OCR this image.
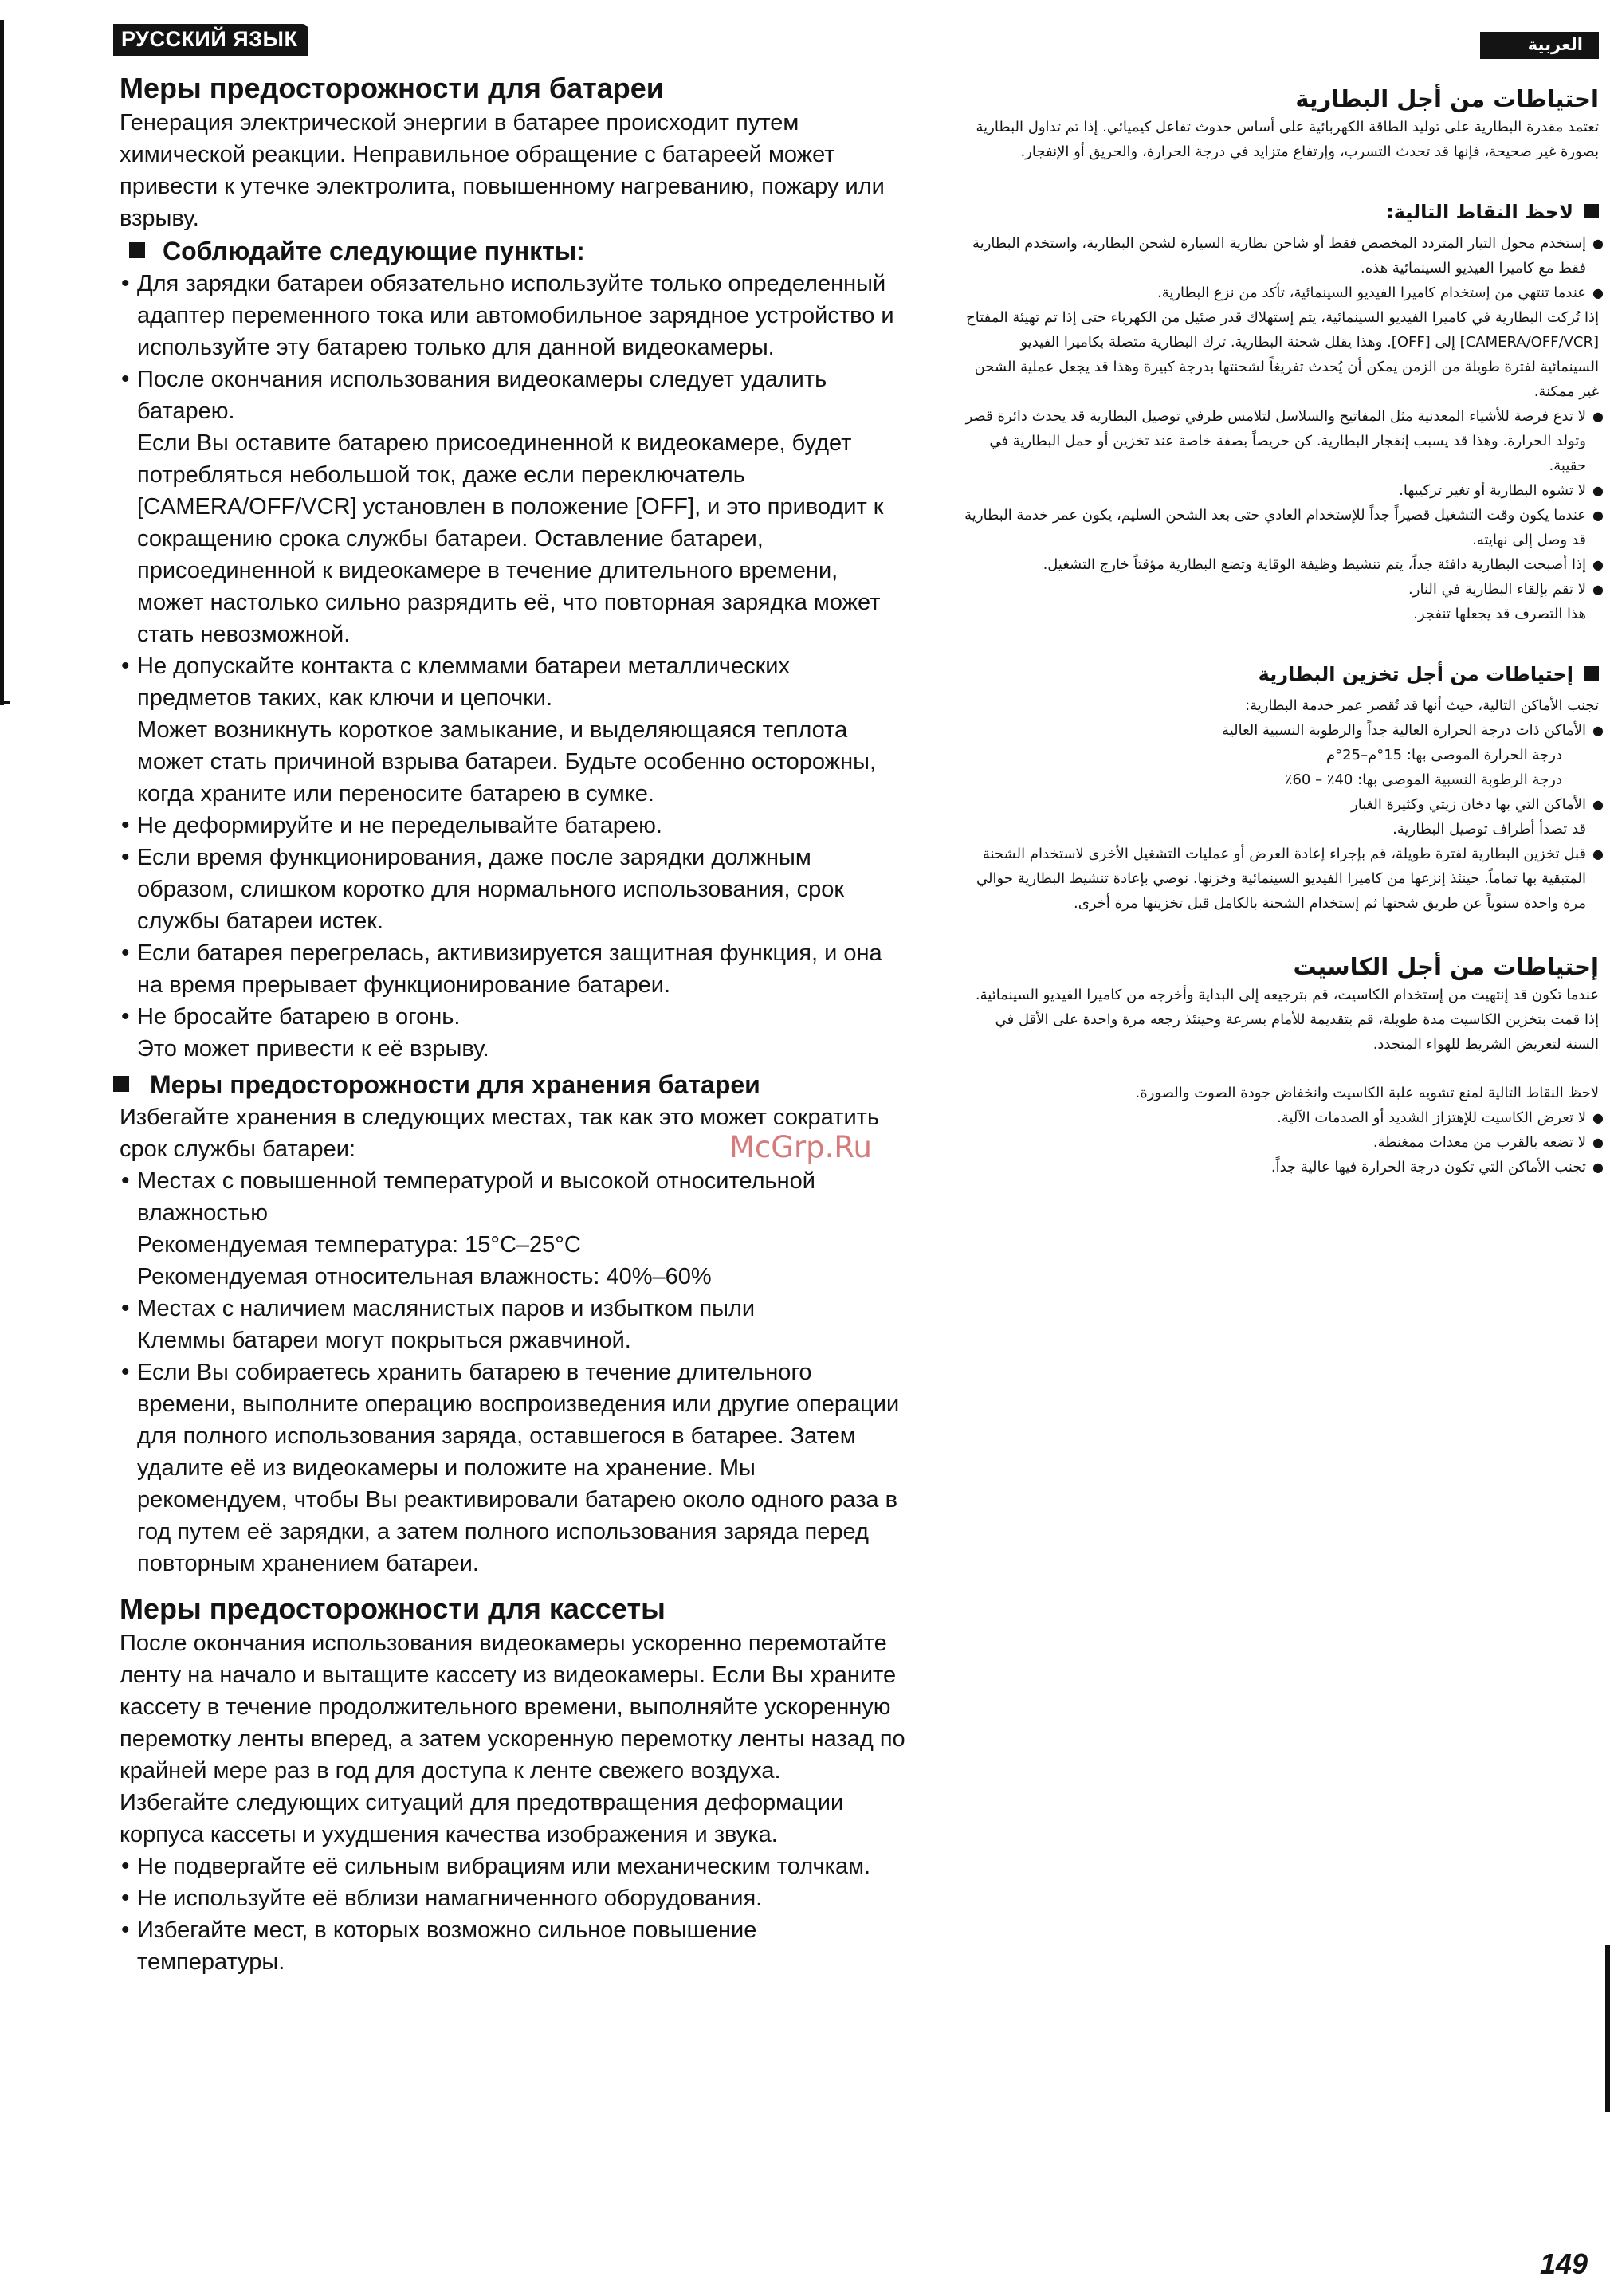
РУССКИЙ ЯЗЫК
Меры предосторожности для батареи

Генерация электрической энергии в батарее происходит путем химической реакции. Неправильное обращение с батареей может привести к утечке электролита, повышенному нагреванию, пожару или взрыву.

Соблюдайте следующие пункты:

• Для зарядки батареи обязательно используйте только определенный адаптер переменного тока или автомобильное зарядное устройство и используйте эту батарею только для данной видеокамеры.

• После окончания использования видеокамеры следует удалить батарею.

Если Вы оставите батарею присоединенной к видеокамере, будет потребляться небольшой ток, даже если переключатель [CAMERA/OFF/VCR] установлен в положение [OFF], и это приводит к сокращению срока службы батареи. Оставление батареи, присоединенной к видеокамере в течение длительного времени, может настолько сильно разрядить её, что повторная зарядка может стать невозможной.

• Не допускайте контакта с клеммами батареи металлических предметов таких, как ключи и цепочки.

Может возникнуть короткое замыкание, и выделяющаяся теплота может стать причиной взрыва батареи. Будьте особенно осторожны, когда храните или переносите батарею в сумке.

• Не деформируйте и не переделывайте батарею.

• Если время функционирования, даже после зарядки должным образом, слишком коротко для нормального использования, срок службы батареи истек.

• Если батарея перегрелась, активизируется защитная функция, и она на время прерывает функционирование батареи.

• Не бросайте батарею в огонь.

Это может привести к её взрыву.

Меры предосторожности для хранения батареи

Избегайте хранения в следующих местах, так как это может сократить срок службы батареи:

• Местах с повышенной температурой и высокой относительной влажностью

Рекомендуемая температура: 15°C–25°C

Рекомендуемая относительная влажность: 40%–60%

• Местах с наличием маслянистых паров и избытком пыли

Клеммы батареи могут покрыться ржавчиной.

• Если Вы собираетесь хранить батарею в течение длительного времени, выполните операцию воспроизведения или другие операции для полного использования заряда, оставшегося в батарее. Затем удалите её из видеокамеры и положите на хранение. Мы рекомендуем, чтобы Вы реактивировали батарею около одного раза в год путем её зарядки, а затем полного использования заряда перед повторным хранением батареи.

Меры предосторожности для кассеты

После окончания использования видеокамеры ускоренно перемотайте ленту на начало и вытащите кассету из видеокамеры. Если Вы храните кассету в течение продолжительного времени, выполняйте ускоренную перемотку ленты вперед, а затем ускоренную перемотку ленты назад по крайней мере раз в год для доступа к ленте свежего воздуха.

Избегайте следующих ситуаций для предотвращения деформации корпуса кассеты и ухудшения качества изображения и звука.

• Не подвергайте её сильным вибрациям или механическим толчкам.

• Не используйте её вблизи намагниченного оборудования.

• Избегайте мест, в которых возможно сильное повышение температуры.

العربية
احتياطات من أجل البطارية

تعتمد مقدرة البطارية على توليد الطاقة الكهربائية على أساس حدوث تفاعل كيميائي. إذا تم تداول البطارية بصورة غير صحيحة، فإنها قد تحدث التسرب، وإرتفاع متزايد في درجة الحرارة، والحريق أو الإنفجار.

لاحظ النقاط التالية:

● إستخدم محول التيار المتردد المخصص فقط أو شاحن بطارية السيارة لشحن البطارية، واستخدم البطارية فقط مع كاميرا الفيديو السينمائية هذه.

● عندما تنتهي من إستخدام كاميرا الفيديو السينمائية، تأكد من نزع البطارية.

إذا تُركت البطارية في كاميرا الفيديو السينمائية، يتم إستهلاك قدر ضئيل من الكهرباء حتى إذا تم تهيئة المفتاح [CAMERA/OFF/VCR] إلى [OFF]. وهذا يقلل شحنة البطارية. ترك البطارية متصلة بكاميرا الفيديو السينمائية لفترة طويلة من الزمن يمكن أن يُحدث تفريغاً لشحنتها بدرجة كبيرة وهذا قد يجعل عملية الشحن غير ممكنة.

● لا تدع فرصة للأشياء المعدنية مثل المفاتيح والسلاسل لتلامس طرفي توصيل البطارية قد يحدث دائرة قصر وتولد الحرارة. وهذا قد يسبب إنفجار البطارية. كن حريصاً بصفة خاصة عند تخزين أو حمل البطارية في حقيبة.

● لا تشوه البطارية أو تغير تركيبها.

● عندما يكون وقت التشغيل قصيراً جداً للإستخدام العادي حتى بعد الشحن السليم، يكون عمر خدمة البطارية قد وصل إلى نهايته.

● إذا أصبحت البطارية دافئة جداً، يتم تنشيط وظيفة الوقاية وتضع البطارية مؤقتاً خارج التشغيل.

● لا تقم بإلقاء البطارية في النار.

هذا التصرف قد يجعلها تنفجر.

إحتياطات من أجل تخزين البطارية

تجنب الأماكن التالية، حيث أنها قد تُقصر عمر خدمة البطارية:

● الأماكن ذات درجة الحرارة العالية جداً والرطوبة النسبية العالية

درجة الحرارة الموصى بها: 15°م–25°م

درجة الرطوبة النسبية الموصى بها: 40٪ – 60٪

● الأماكن التي بها دخان زيتي وكثيرة الغبار

قد تصدأ أطراف توصيل البطارية.

● قبل تخزين البطارية لفترة طويلة، قم بإجراء إعادة العرض أو عمليات التشغيل الأخرى لاستخدام الشحنة المتبقية بها تماماً. حينئذ إنزعها من كاميرا الفيديو السينمائية وخزنها. نوصي بإعادة تنشيط البطارية حوالي مرة واحدة سنوياً عن طريق شحنها ثم إستخدام الشحنة بالكامل قبل تخزينها مرة أخرى.

إحتياطات من أجل الكاسيت

عندما تكون قد إنتهيت من إستخدام الكاسيت، قم بترجيعه إلى البداية وأخرجه من كاميرا الفيديو السينمائية. إذا قمت بتخزين الكاسيت مدة طويلة، قم بتقديمة للأمام بسرعة وحينئذ رجعه مرة واحدة على الأقل في السنة لتعريض الشريط للهواء المتجدد.

لاحظ النقاط التالية لمنع تشويه علبة الكاسيت وانخفاض جودة الصوت والصورة.

● لا تعرض الكاسيت للإهتزاز الشديد أو الصدمات الآلية.

● لا تضعه بالقرب من معدات ممغنطة.

● تجنب الأماكن التي تكون درجة الحرارة فيها عالية جداً.

McGrp.Ru
149
